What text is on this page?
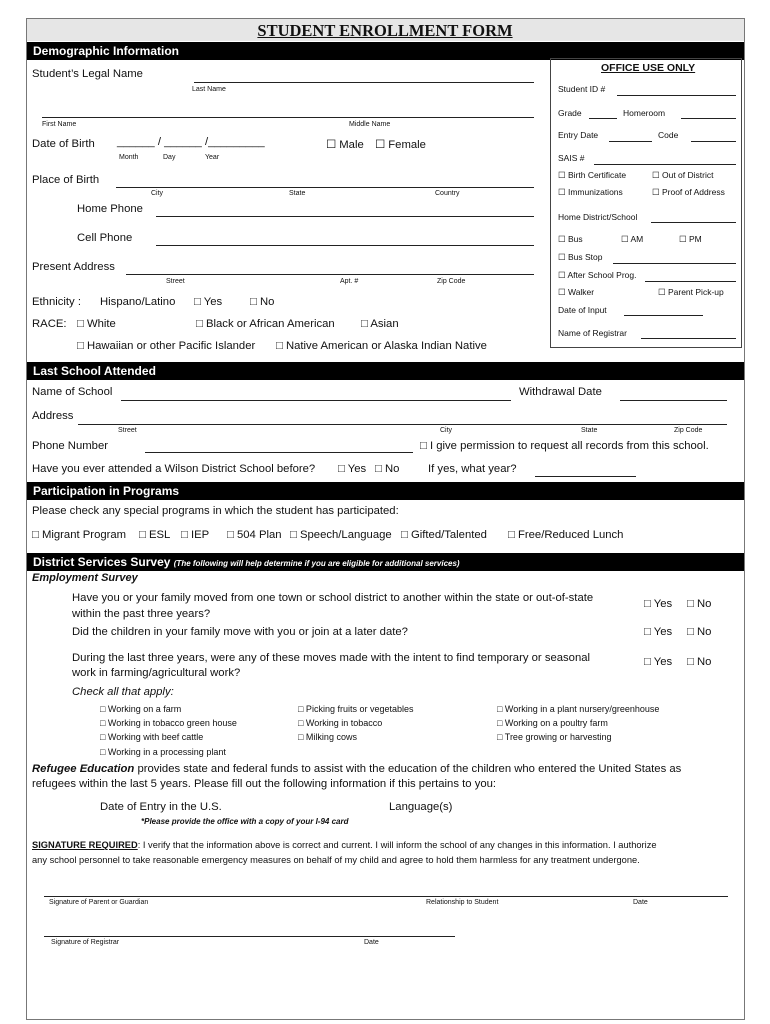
STUDENT ENROLLMENT FORM
Demographic Information
Student’s Legal Name
Last Name
First Name	Middle Name
Date of Birth ______ / ______ /_________
Month	Day	Year
☐ Male ☐ Female
Place of Birth
City	State	Country
Home Phone
Cell Phone
Present Address
Street	Apt. #	Zip Code
Ethnicity : Hispano/Latino □ Yes □ No
RACE: □ White	□ Black or African American □ Asian
□ Hawaiian or other Pacific Islander □ Native American or Alaska Indian Native
OFFICE USE ONLY
Student ID #
Grade	Homeroom
Entry Date	Code
SAIS #
☐ Birth Certificate	☐ Out of District
☐ Immunizations	☐ Proof of Address
Home District/School
☐ Bus	☐ AM	☐ PM
☐ Bus Stop
☐ After School Prog.
☐ Walker	☐ Parent Pick-up
Date of Input
Name of Registrar
Last School Attended
Name of School	Withdrawal Date
Address
Street	City	State	Zip Code
Phone Number	□ I give permission to request all records from this school.
Have you ever attended a Wilson District School before? □ Yes □ No	If yes, what year?
Participation in Programs
Please check any special programs in which the student has participated:
□ Migrant Program □ ESL □ IEP □ 504 Plan □ Speech/Language □ Gifted/Talented □ Free/Reduced Lunch
District Services Survey (The following will help determine if you are eligible for additional services)
Employment Survey
Have you or your family moved from one town or school district to another within the state or out-of-state
within the past three years?
□ Yes □ No
Did the children in your family move with you or join at a later date?	□ Yes □ No
During the last three years, were any of these moves made with the intent to find temporary or seasonal
work in farming/agricultural work?
□ Yes □ No
Check all that apply:
□ Working on a farm
□ Working in tobacco green house
□ Working with beef cattle
□ Working in a processing plant
□ Picking fruits or vegetables
□ Working in tobacco
□ Milking cows
□ Working in a plant nursery/greenhouse
□ Working on a poultry farm
□ Tree growing or harvesting
Refugee Education provides state and federal funds to assist with the education of the children who entered the United States as
refugees within the last 5 years. Please fill out the following information if this pertains to you:
Date of Entry in the U.S.	Language(s)
*Please provide the office with a copy of your I-94 card
SIGNATURE REQUIRED: I verify that the information above is correct and current. I will inform the school of any changes in this information. I authorize
any school personnel to take reasonable emergency measures on behalf of my child and agree to hold them harmless for any treatment undergone.
Signature of Parent or Guardian	Relationship to Student	Date
Signature of Registrar	Date
